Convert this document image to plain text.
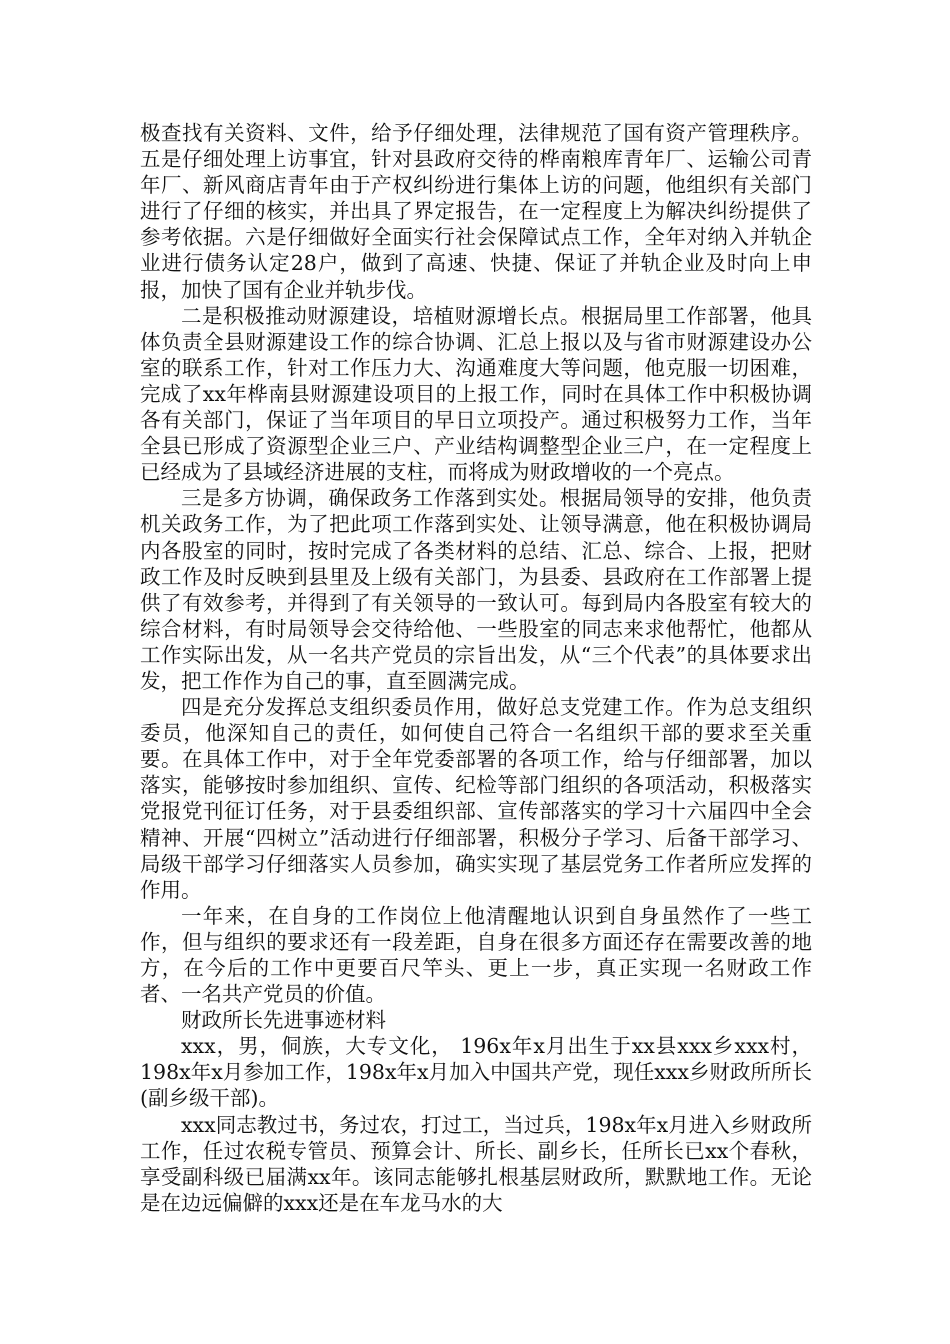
极查找有关资料、文件，给予仔细处理，法律规范了国有资产管理秩序。五是仔细处理上访事宜，针对县政府交待的桦南粮库青年厂、运输公司青年厂、新风商店青年由于产权纠纷进行集体上访的问题，他组织有关部门进行了仔细的核实，并出具了界定报告，在一定程度上为解决纠纷提供了参考依据。六是仔细做好全面实行社会保障试点工作，全年对纳入并轨企业进行债务认定28户，做到了高速、快捷、保证了并轨企业及时向上申报，加快了国有企业并轨步伐。

二是积极推动财源建设，培植财源增长点。根据局里工作部署，他具体负责全县财源建设工作的综合协调、汇总上报以及与省市财源建设办公室的联系工作，针对工作压力大、沟通难度大等问题，他克服一切困难，完成了xx年桦南县财源建设项目的上报工作，同时在具体工作中积极协调各有关部门，保证了当年项目的早日立项投产。通过积极努力工作，当年全县已形成了资源型企业三户、产业结构调整型企业三户，在一定程度上已经成为了县域经济进展的支柱，而将成为财政增收的一个亮点。

三是多方协调，确保政务工作落到实处。根据局领导的安排，他负责机关政务工作，为了把此项工作落到实处、让领导满意，他在积极协调局内各股室的同时，按时完成了各类材料的总结、汇总、综合、上报，把财政工作及时反映到县里及上级有关部门，为县委、县政府在工作部署上提供了有效参考，并得到了有关领导的一致认可。每到局内各股室有较大的综合材料，有时局领导会交待给他、一些股室的同志来求他帮忙，他都从工作实际出发，从一名共产党员的宗旨出发，从“三个代表”的具体要求出发，把工作作为自己的事，直至圆满完成。

四是充分发挥总支组织委员作用，做好总支党建工作。作为总支组织委员，他深知自己的责任，如何使自己符合一名组织干部的要求至关重要。在具体工作中，对于全年党委部署的各项工作，给与仔细部署，加以落实，能够按时参加组织、宣传、纪检等部门组织的各项活动，积极落实党报党刊征订任务，对于县委组织部、宣传部落实的学习十六届四中全会精神、开展“四树立”活动进行仔细部署，积极分子学习、后备干部学习、局级干部学习仔细落实人员参加，确实实现了基层党务工作者所应发挥的作用。

一年来，在自身的工作岗位上他清醒地认识到自身虽然作了一些工作，但与组织的要求还有一段差距，自身在很多方面还存在需要改善的地方，在今后的工作中更要百尺竿头、更上一步，真正实现一名财政工作者、一名共产党员的价值。

财政所长先进事迹材料

xxx，男，侗族，大专文化， 196x年x月出生于xx县xxx乡xxx村，198x年x月参加工作，198x年x月加入中国共产党，现任xxx乡财政所所长(副乡级干部)。

xxx同志教过书，务过农，打过工，当过兵，198x年x月进入乡财政所工作，任过农税专管员、预算会计、所长、副乡长，任所长已xx个春秋，享受副科级已届满xx年。该同志能够扎根基层财政所，默默地工作。无论是在边远偏僻的xxx还是在车龙马水的大
